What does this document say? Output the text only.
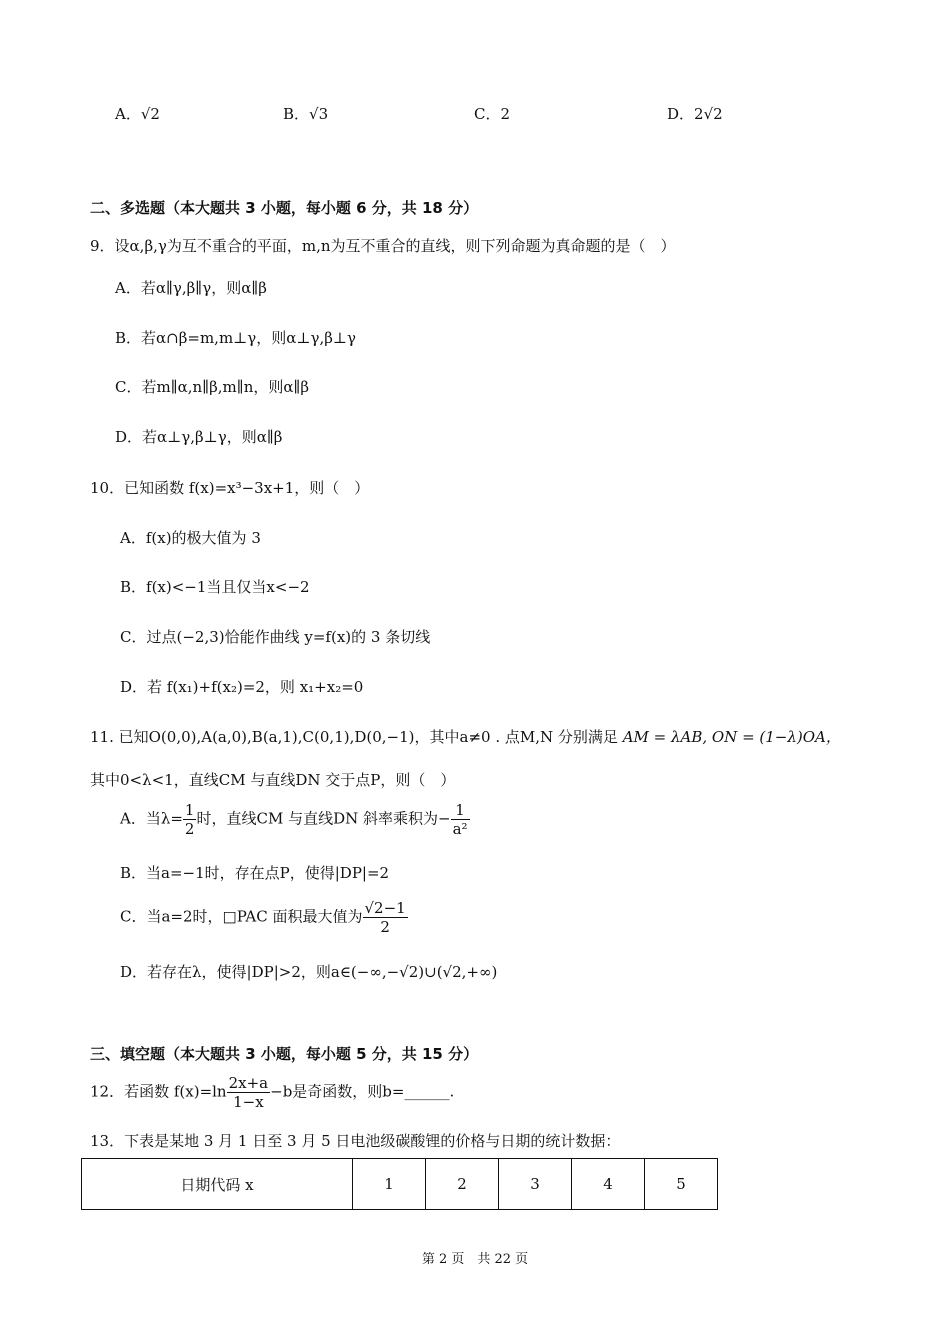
A．√2	B．√3	C．2	D．2√2
二、多选题（本大题共 3 小题，每小题 6 分，共 18 分）
9．设α,β,γ为互不重合的平面，m,n为互不重合的直线，则下列命题为真命题的是（　）
A．若α∥γ,β∥γ，则α∥β
B．若α∩β=m,m⊥γ，则α⊥γ,β⊥γ
C．若m∥α,n∥β,m∥n，则α∥β
D．若α⊥γ,β⊥γ，则α∥β
10．已知函数 f(x)=x³−3x+1，则（　）
A．f(x)的极大值为 3
B．f(x)<−1当且仅当x<−2
C．过点(−2,3)恰能作曲线 y=f(x)的 3 条切线
D．若 f(x₁)+f(x₂)=2，则 x₁+x₂=0
11. 已知O(0,0),A(a,0),B(a,1),C(0,1),D(0,−1)，其中a≠0 . 点M,N 分别满足 AM = λAB, ON = (1−λ)OA，
其中0<λ<1，直线CM 与直线DN 交于点P，则（　）
A．当$\lambda= \frac{1}{2}$ 时，直线CM 与直线DN 斜率乘积为− $\frac{1}{\text{a²}}$
B．当a=−1时，存在点P，使得|DP|=2
C．当a=2时，□PAC 面积最大值为 $\frac{√2-1}{2}$
D．若存在λ，使得|DP|>2，则a∈(−∞,−√2)∪(√2,+∞)
三、填空题（本大题共 3 小题，每小题 5 分，共 15 分）
12．若函数 $f(x)=\ln \frac{2x+a}{1-x} -b$是奇函数，则b=______.
13．下表是某地 3 月 1 日至 3 月 5 日电池级碳酸锂的价格与日期的统计数据：
日期代码 x	1	2	3	4	5
第 2 页　共 22 页
